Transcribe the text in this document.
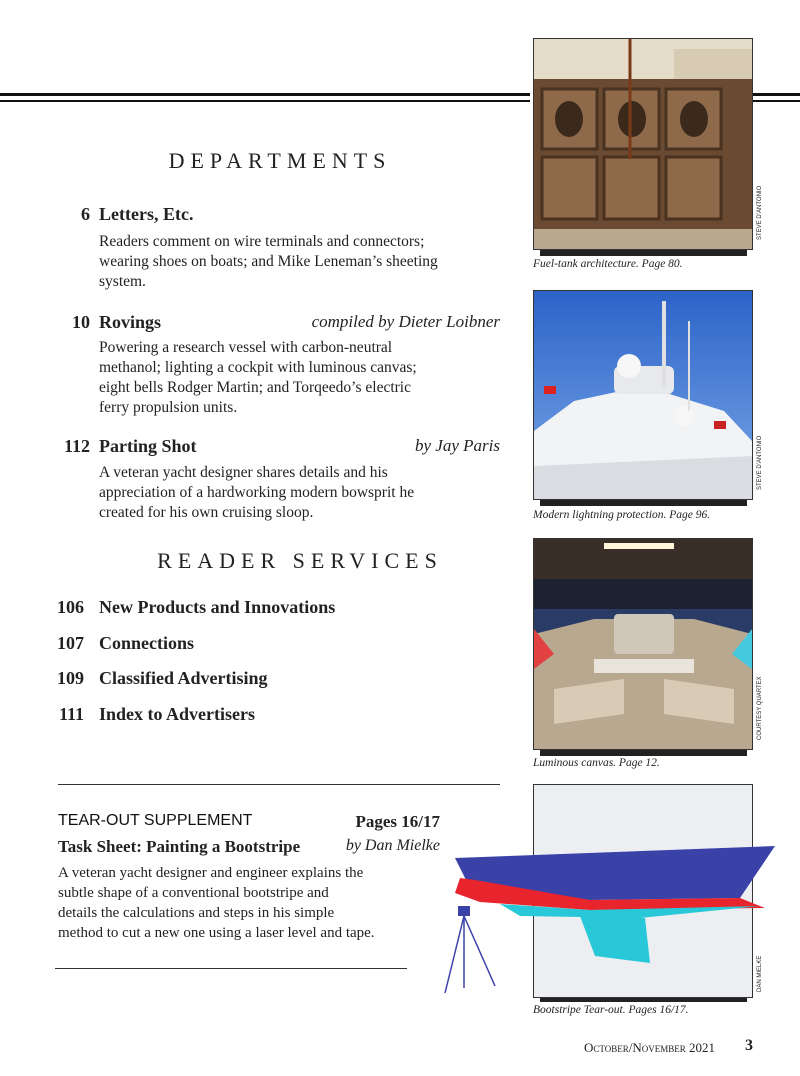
DEPARTMENTS
6 Letters, Etc.
Readers comment on wire terminals and connectors;
wearing shoes on boats; and Mike Leneman’s sheeting
system.
10 Rovings	compiled by Dieter Loibner
Powering a research vessel with carbon-neutral
methanol; lighting a cockpit with luminous canvas;
eight bells Rodger Martin; and Torqeedo’s electric
ferry propulsion units.
112 Parting Shot	by Jay Paris
A veteran yacht designer shares details and his
appreciation of a hardworking modern bowsprit he
created for his own cruising sloop.
READER SERVICES
106 New Products and Innovations
107 Connections
109 Classified Advertising
111 Index to Advertisers
TEAR-OUT SUPPLEMENT	Pages 16/17
Task Sheet: Painting a Bootstripe	by Dan Mielke
A veteran yacht designer and engineer explains the
subtle shape of a conventional bootstripe and
details the calculations and steps in his simple
method to cut a new one using a laser level and tape.
STEVE D’ANTONIO
Fuel-tank architecture. Page 80.
STEVE D’ANTONIO
Modern lightning protection. Page 96.
COURTESY QUARTEX
Luminous canvas. Page 12.
DAN MIELKE
Bootstripe Tear-out. Pages 16/17.
October/November 2021 3
